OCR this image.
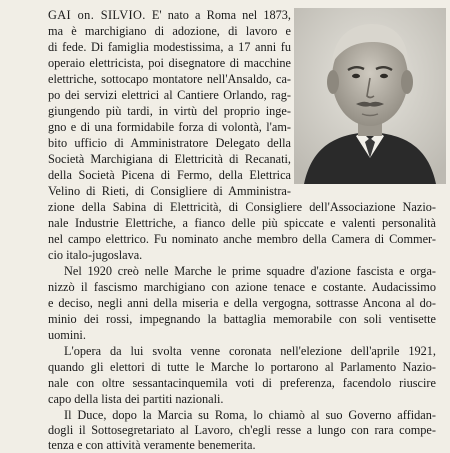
GAI on. SILVIO. E' nato a Roma nel 1873,
ma è marchigiano di adozione, di lavoro e
di fede. Di famiglia modestissima, a 17 anni fu
operaio elettricista, poi disegnatore di macchine
elettriche, sottocapo montatore nell'Ansaldo, ca-
po dei servizi elettrici al Cantiere Orlando, rag-
giungendo più tardi, in virtù del proprio inge-
gno e di una formidabile forza di volontà, l'am-
bito ufficio di Amministratore Delegato della
Società Marchigiana di Elettricità di Recanati,
della Società Picena di Fermo, della Elettrica
Velino di Rieti, di Consigliere di Amministra-
zione della Sabina di Elettricità, di Consigliere dell'Associazione Nazio-
nale Industrie Elettriche, a fianco delle più spiccate e valenti personalità
nel campo elettrico. Fu nominato anche membro della Camera di Commer-
cio italo-jugoslava.
Nel 1920 creò nelle Marche le prime squadre d'azione fascista e orga-
nizzò il fascismo marchigiano con azione tenace e costante. Audacissimo
e deciso, negli anni della miseria e della vergogna, sottrasse Ancona al do-
minio dei rossi, impegnando la battaglia memorabile con soli ventisette
uomini.
L'opera da lui svolta venne coronata nell'elezione dell'aprile 1921,
quando gli elettori di tutte le Marche lo portarono al Parlamento Nazio-
nale con oltre sessantacinquemila voti di preferenza, facendolo riuscire
capo della lista dei partiti nazionali.
Il Duce, dopo la Marcia su Roma, lo chiamò al suo Governo affidan-
dogli il Sottosegretariato al Lavoro, ch'egli resse a lungo con rara compe-
tenza e con attività veramente benemerita.
